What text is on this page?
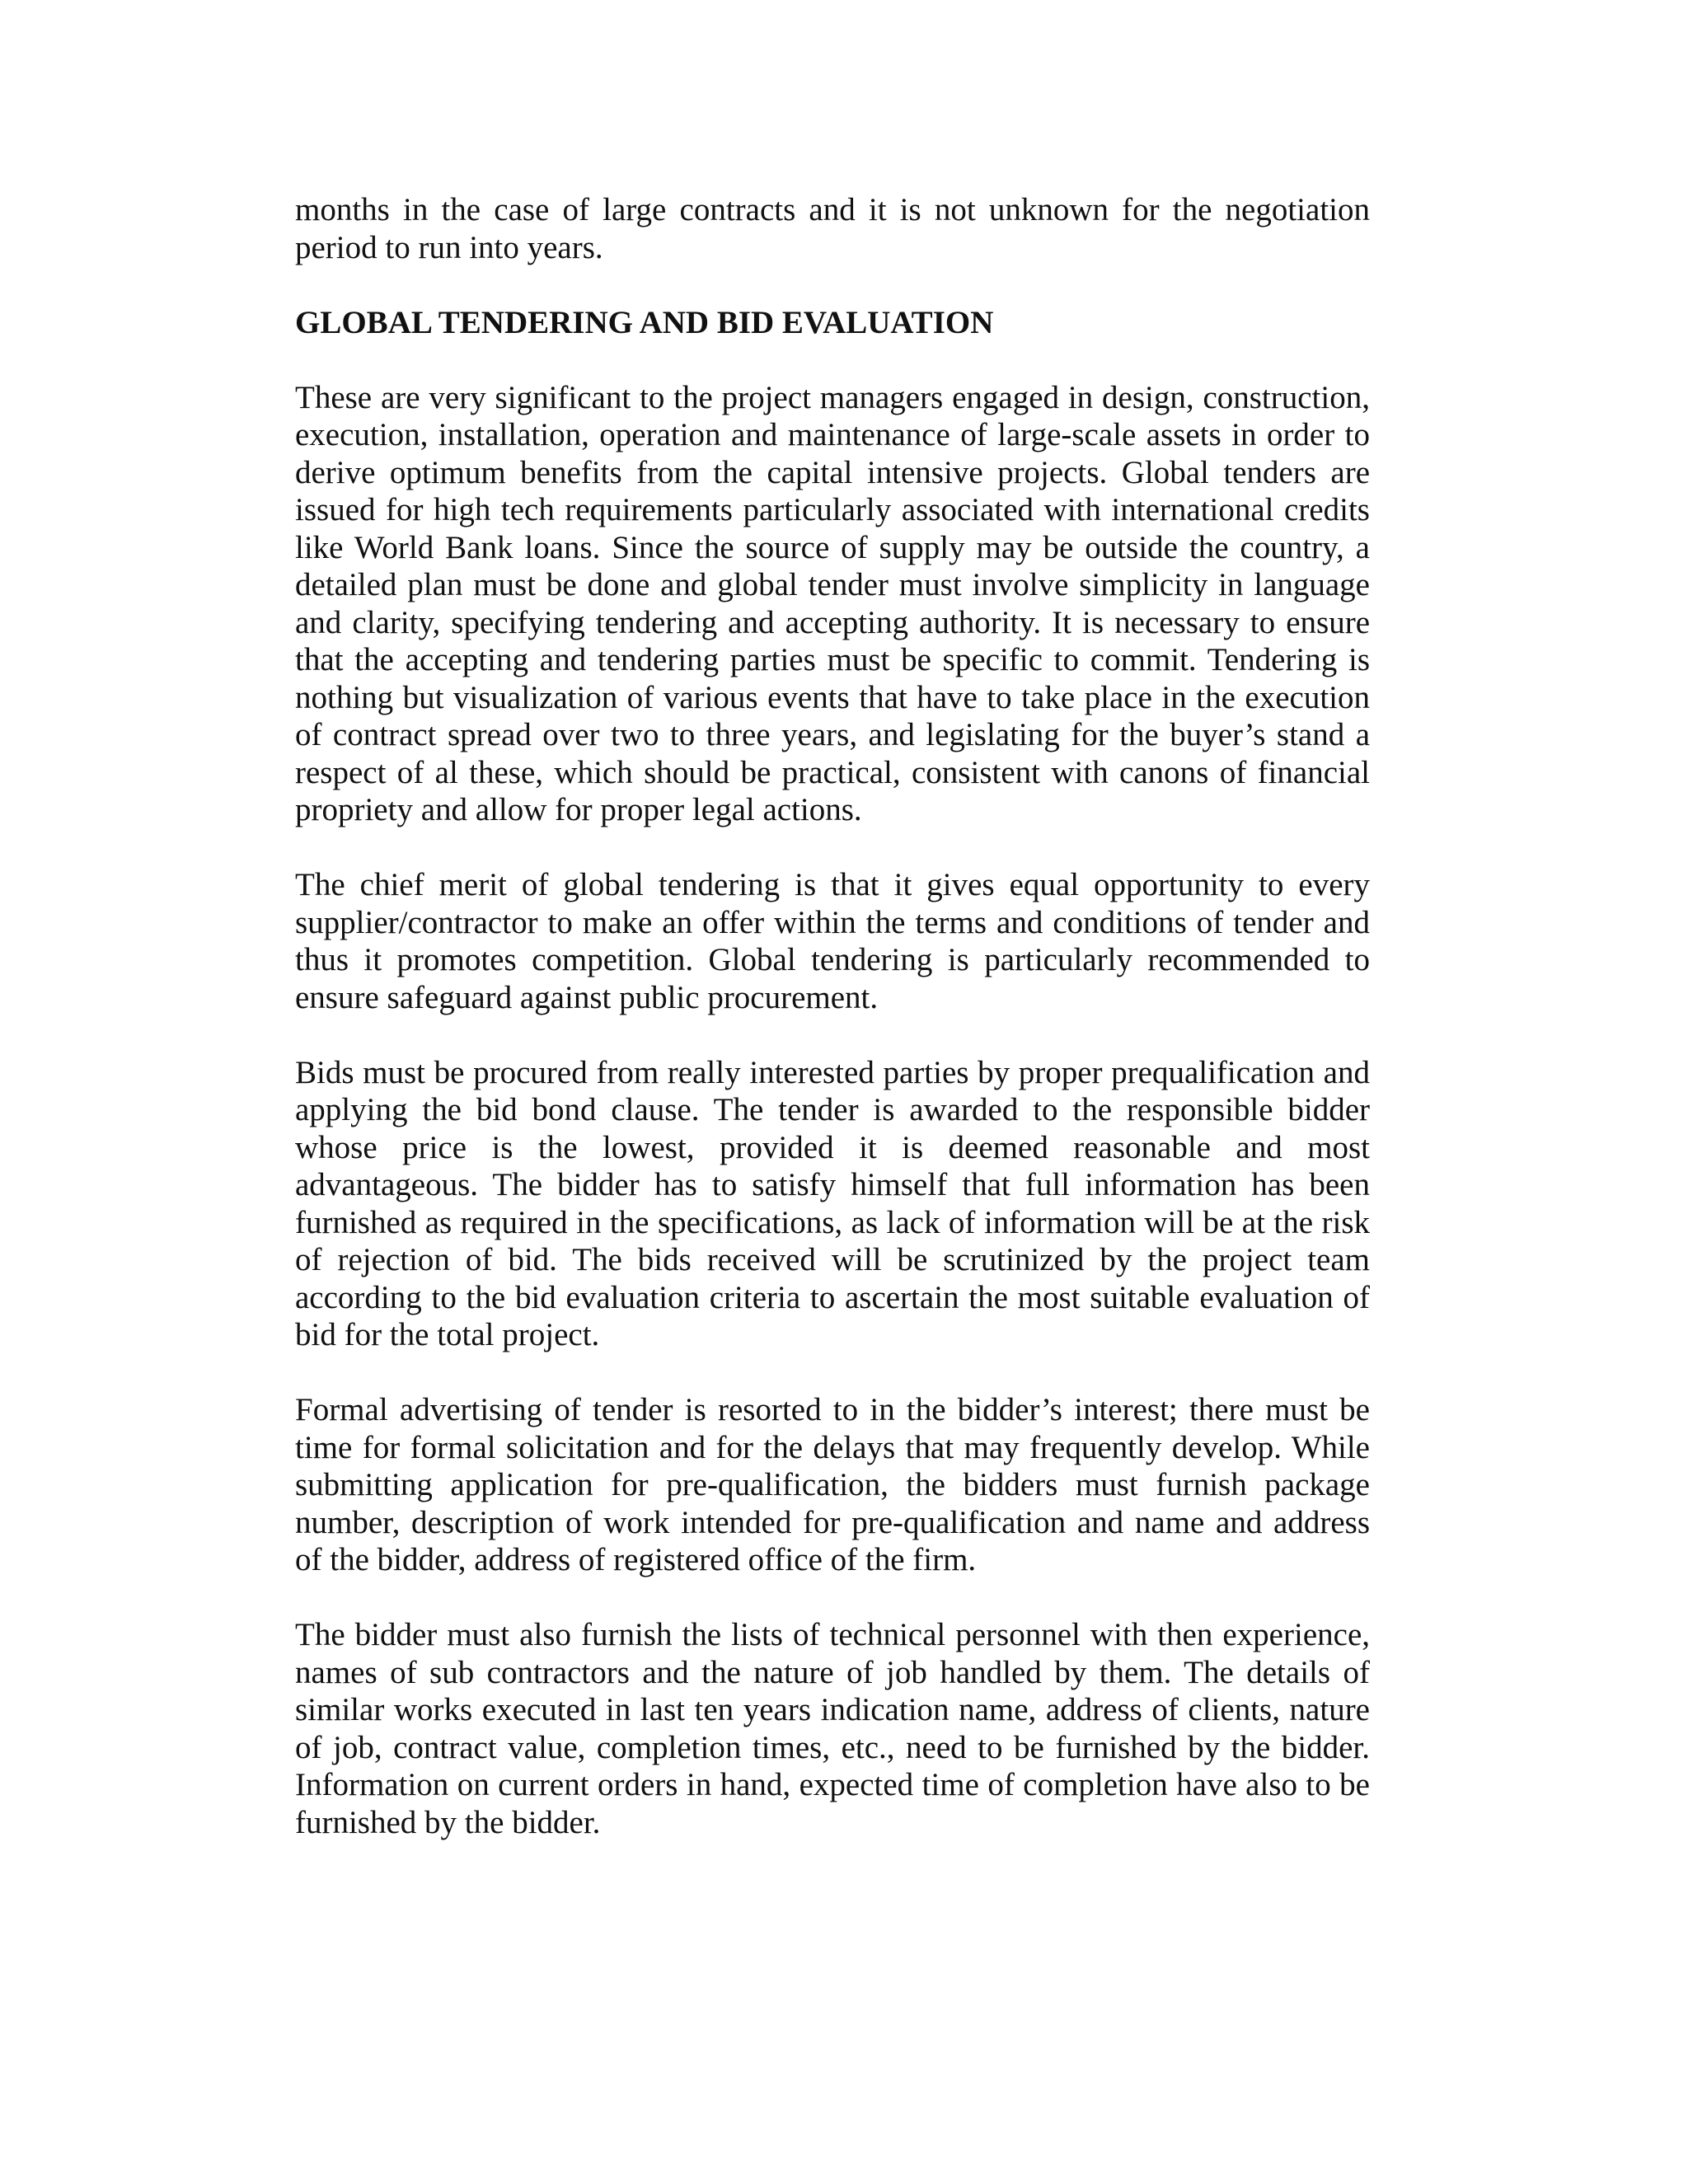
months in the case of large contracts and it is not unknown for the negotiation period to run into years.

GLOBAL TENDERING AND BID EVALUATION

These are very significant to the project managers engaged in design, construction, execution, installation, operation and maintenance of large-scale assets in order to derive optimum benefits from the capital intensive projects. Global tenders are issued for high tech requirements particularly associated with international credits like World Bank loans. Since the source of supply may be outside the country, a detailed plan must be done and global tender must involve simplicity in language and clarity, specifying tendering and accepting authority. It is necessary to ensure that the accepting and tendering parties must be specific to commit. Tendering is nothing but visualization of various events that have to take place in the execution of contract spread over two to three years, and legislating for the buyer’s stand a respect of al these, which should be practical, consistent with canons of financial propriety and allow for proper legal actions.

The chief merit of global tendering is that it gives equal opportunity to every supplier/contractor to make an offer within the terms and conditions of tender and thus it promotes competition. Global tendering is particularly recommended to ensure safeguard against public procurement.

Bids must be procured from really interested parties by proper prequalification and applying the bid bond clause. The tender is awarded to the responsible bidder whose price is the lowest, provided it is deemed reasonable and most advantageous. The bidder has to satisfy himself that full information has been furnished as required in the specifications, as lack of information will be at the risk of rejection of bid. The bids received will be scrutinized by the project team according to the bid evaluation criteria to ascertain the most suitable evaluation of bid for the total project.

Formal advertising of tender is resorted to in the bidder’s interest; there must be time for formal solicitation and for the delays that may frequently develop. While submitting application for pre-qualification, the bidders must furnish package number, description of work intended for pre-qualification and name and address of the bidder, address of registered office of the firm.

The bidder must also furnish the lists of technical personnel with then experience, names of sub contractors and the nature of job handled by them. The details of similar works executed in last ten years indication name, address of clients, nature of job, contract value, completion times, etc., need to be furnished by the bidder. Information on current orders in hand, expected time of completion have also to be furnished by the bidder.
